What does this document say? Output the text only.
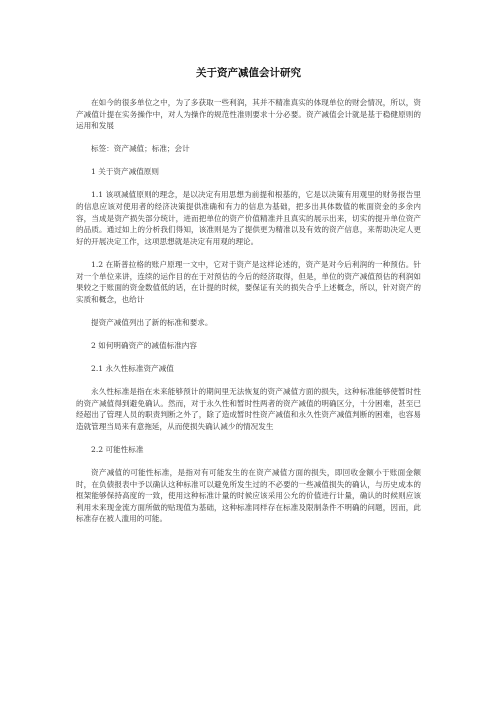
关于资产减值会计研究

在如今的很多单位之中，为了多获取一些利润，其并不精准真实的体现单位的财会情况，所以，资产减值计提在实务操作中，对人为操作的规范性准则要求十分必要。资产减值会计就是基于稳健原则的运用和发展

标签：资产减值；标准；会计

1 关于资产减值原则

1.1 该项减值原则的理念，是以决定有用思想为前提和根基的，它是以决策有用观里的财务报告里的信息应该对使用者的经济决策提供准确和有力的信息为基础，把多出具体数值的帐面资金的多余内容，当成是资产损失部分统计，进而把单位的资产价值精准并且真实的展示出来，切实的提升单位资产的品质。通过如上的分析我们得知，该准则是为了提供更为精准以及有效的资产信息，来帮助决定人更好的开展决定工作，这项思想就是决定有用观的理论。

1.2 在斯普拉格的账户原理一文中，它对于资产是这样论述的，资产是对今后利润的一种预估。针对一个单位来讲，连续的运作目的在于对预估的今后的经济取得，但是，单位的资产减值预估的利润如果较之于账面的资金数值低的话，在计提的时候，要保证有关的损失合乎上述概念，所以，针对资产的实质和概念，也给计

提资产减值列出了新的标准和要求。

2 如何明确资产的减值标准内容

2.1 永久性标准资产减值

永久性标准是指在未来能够预计的期间里无法恢复的资产减值方面的损失，这种标准能够使暂时性的资产减值得到避免确认。然而，对于永久性和暂时性两者的资产减值的明确区分，十分困难，甚至已经超出了管理人员的职责判断之外了，除了造成暂时性资产减值和永久性资产减值判断的困难，也容易造就管理当局来有意拖延，从而使损失确认减少的情况发生

2.2 可能性标准

资产减值的可能性标准，是指对有可能发生的在资产减值方面的损失，即回收金额小于账面金额时，在负债报表中予以确认这种标准可以避免所发生过的不必要的一些减值损失的确认，与历史成本的框架能够保持高度的一致，使用这种标准计量的时候应该采用公允的价值进行计量，确认的时候则应该利用未来现金流方面所做的贴现值为基础，这种标准同样存在标准及限制条件不明确的问题，因而，此标准存在被人滥用的可能。
